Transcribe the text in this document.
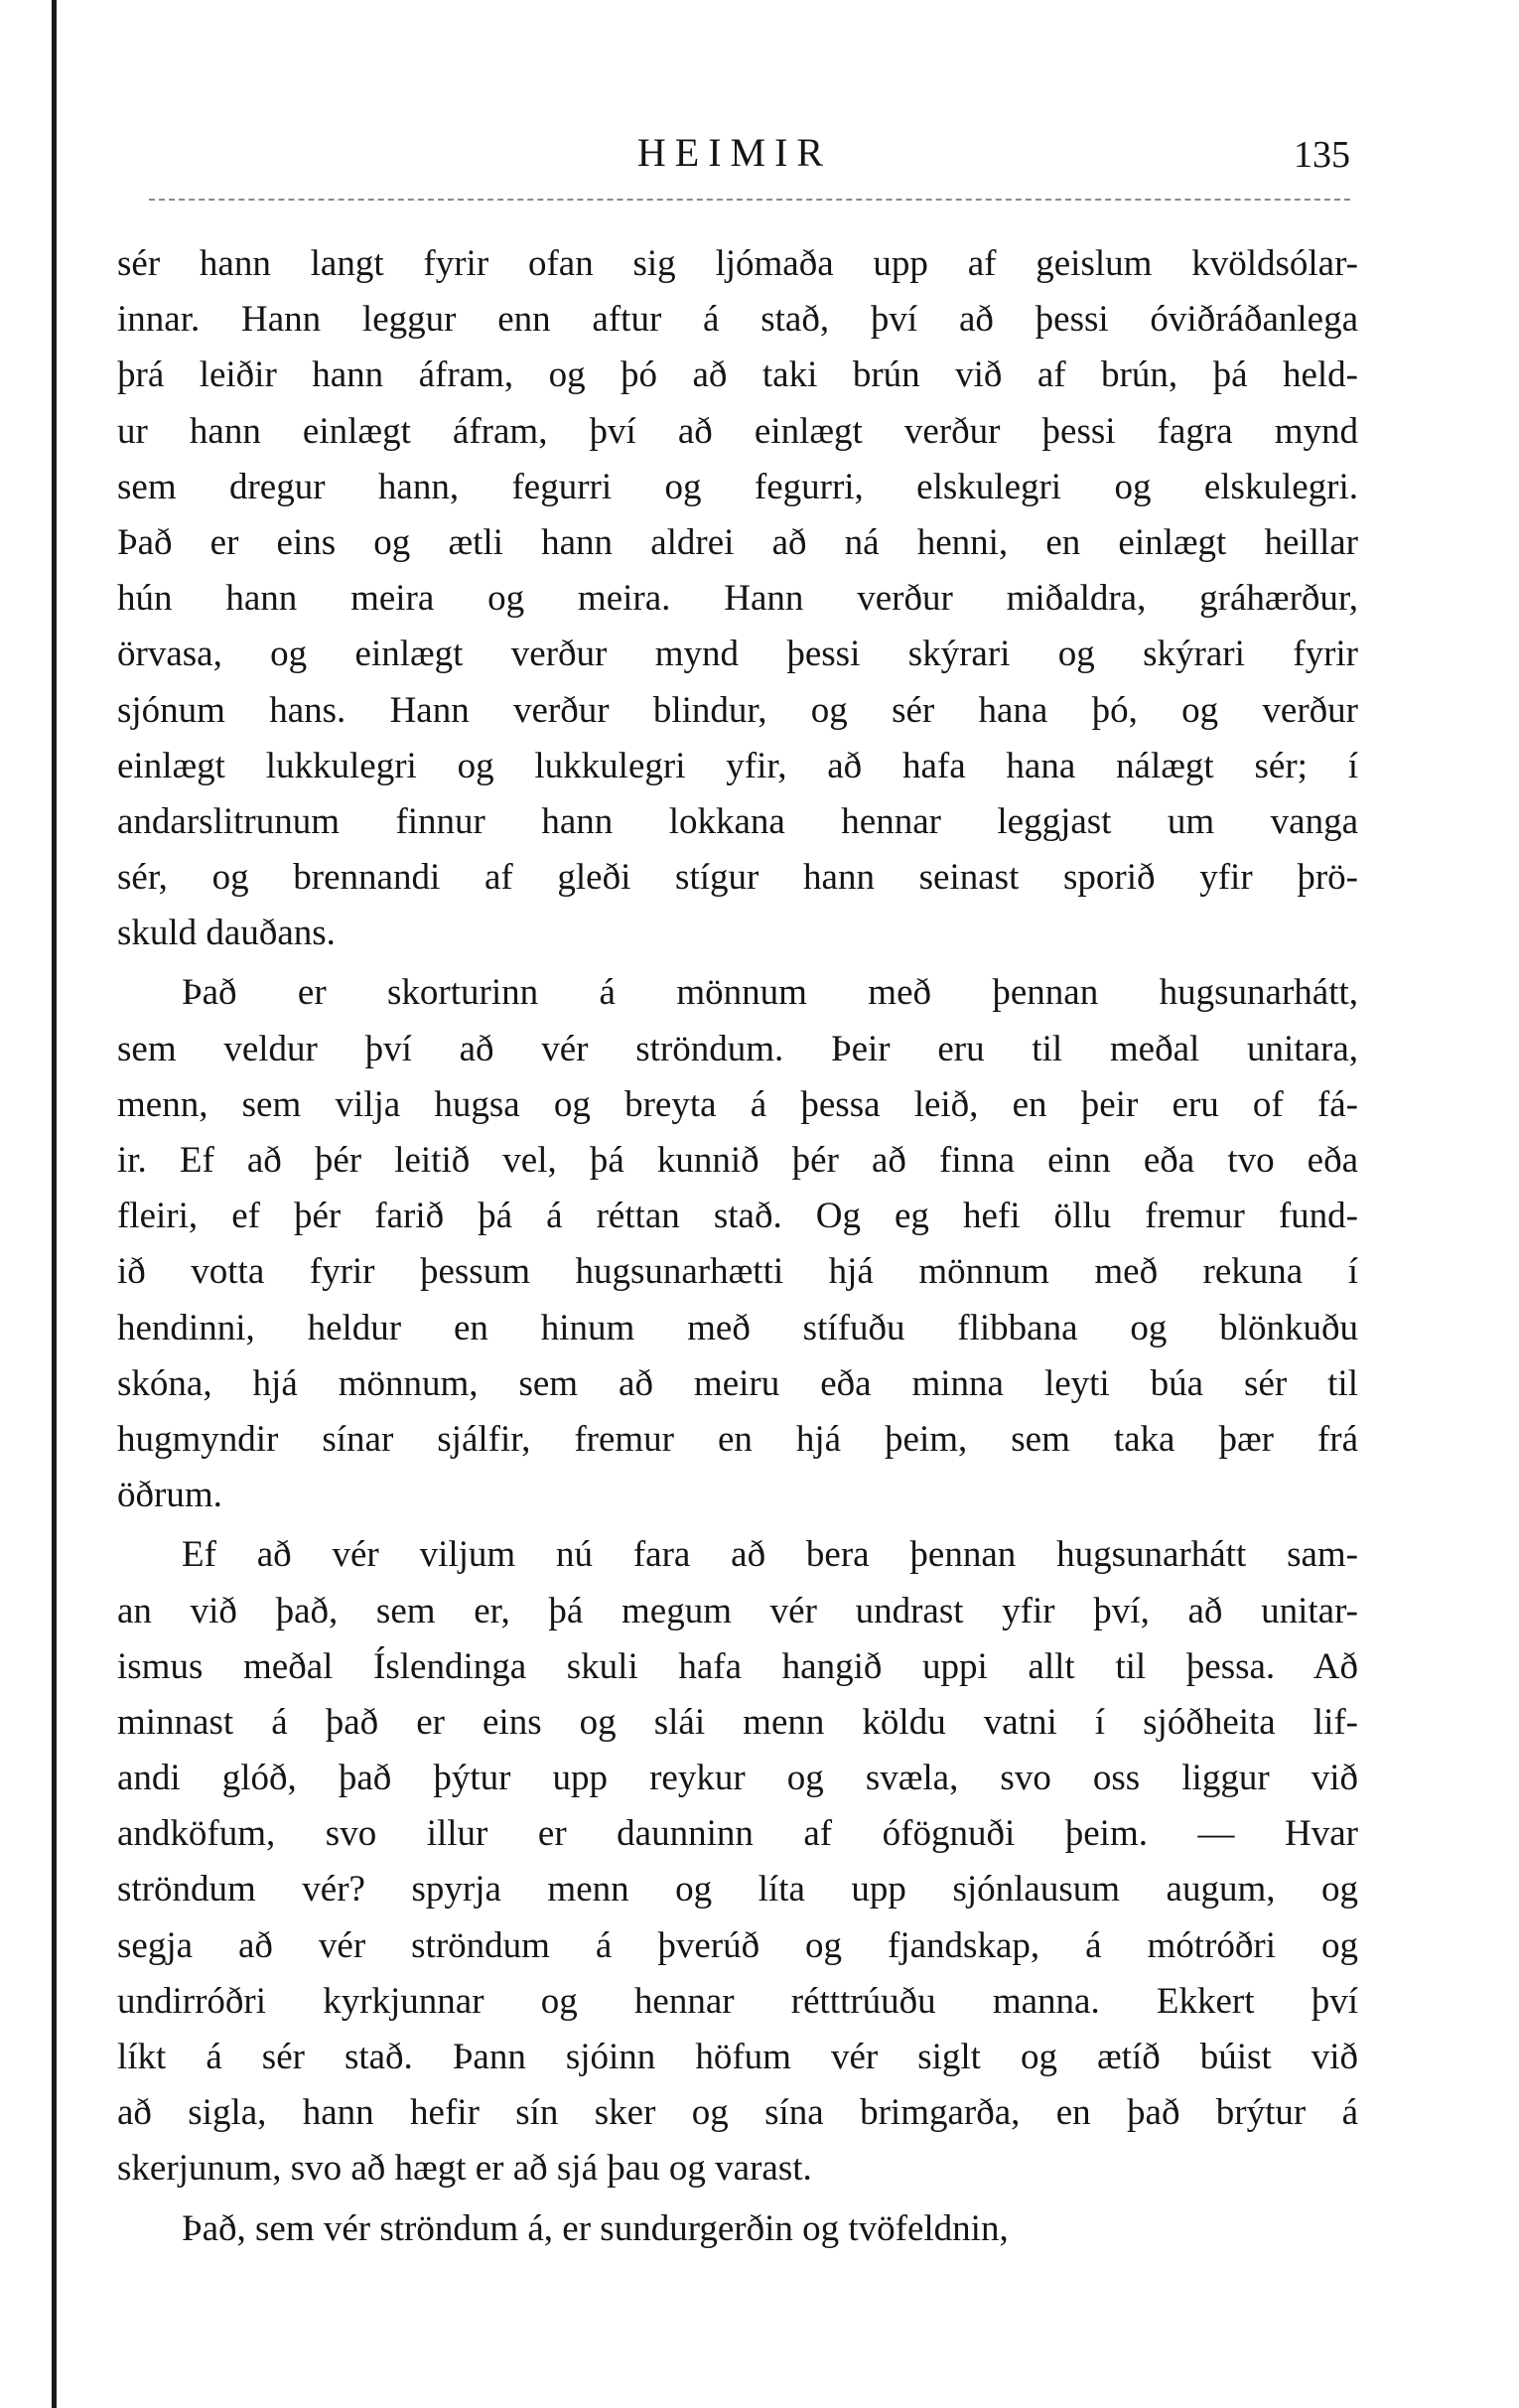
HEIMIR	135
sér hann langt fyrir ofan sig ljómaða upp af geislum kvöldsólar-
innar. Hann leggur enn aftur á stað, því að þessi óviðráðanlega
þrá leiðir hann áfram, og þó að taki brún við af brún, þá held-
ur hann einlægt áfram, því að einlægt verður þessi fagra mynd
sem dregur hann, fegurri og fegurri, elskulegri og elskulegri.
Það er eins og ætli hann aldrei að ná henni, en einlægt heillar
hún hann meira og meira. Hann verður miðaldra, gráhærður,
örvasa, og einlægt verður mynd þessi skýrari og skýrari fyrir
sjónum hans. Hann verður blindur, og sér hana þó, og verður
einlægt lukkulegri og lukkulegri yfir, að hafa hana nálægt sér; í
andarslitrunum finnur hann lokkana hennar leggjast um vanga
sér, og brennandi af gleði stígur hann seinast sporið yfir þrö-
skuld dauðans.
Það er skorturinn á mönnum með þennan hugsunarhátt,
sem veldur því að vér ströndum. Þeir eru til meðal unitara,
menn, sem vilja hugsa og breyta á þessa leið, en þeir eru of fá-
ir. Ef að þér leitið vel, þá kunnið þér að finna einn eða tvo eða
fleiri, ef þér farið þá á réttan stað. Og eg hefi öllu fremur fund-
ið votta fyrir þessum hugsunarhætti hjá mönnum með rekuna í
hendinni, heldur en hinum með stífuðu flibbana og blönkuðu
skóna, hjá mönnum, sem að meiru eða minna leyti búa sér til
hugmyndir sínar sjálfir, fremur en hjá þeim, sem taka þær frá
öðrum.
Ef að vér viljum nú fara að bera þennan hugsunarhátt sam-
an við það, sem er, þá megum vér undrast yfir því, að unitar-
ismus meðal Íslendinga skuli hafa hangið uppi allt til þessa. Að
minnast á það er eins og slái menn köldu vatni í sjóðheita lif-
andi glóð, það þýtur upp reykur og svæla, svo oss liggur við
andköfum, svo illur er daunninn af ófögnuði þeim. — Hvar
ströndum vér? spyrja menn og líta upp sjónlausum augum, og
segja að vér ströndum á þverúð og fjandskap, á mótróðri og
undirróðri kyrkjunnar og hennar rétttrúuðu manna. Ekkert því
líkt á sér stað. Þann sjóinn höfum vér siglt og ætíð búist við
að sigla, hann hefir sín sker og sína brimgarða, en það brýtur á
skerjunum, svo að hægt er að sjá þau og varast.
Það, sem vér ströndum á, er sundurgerðin og tvöfeldnin,
